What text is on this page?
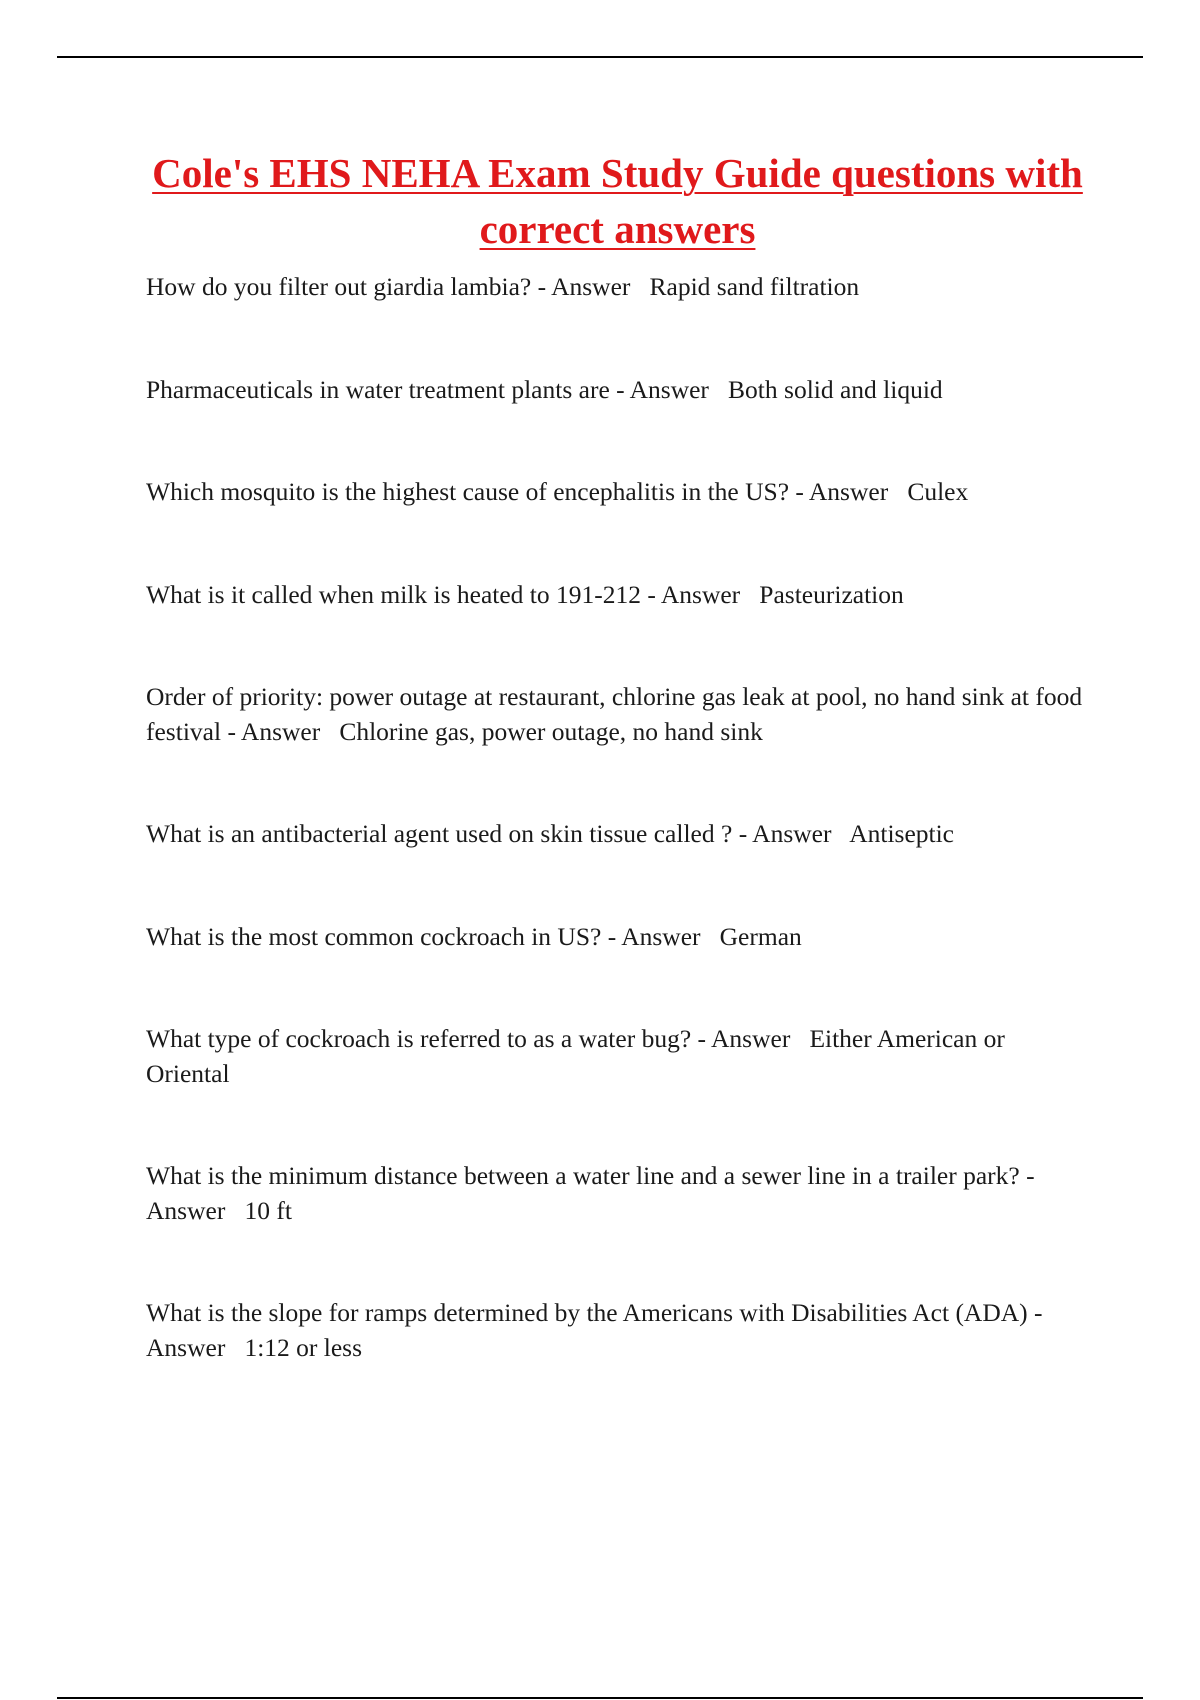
Cole's EHS NEHA Exam Study Guide questions with correct answers
How do you filter out giardia lambia? - Answer   Rapid sand filtration
Pharmaceuticals in water treatment plants are - Answer   Both solid and liquid
Which mosquito is the highest cause of encephalitis in the US? - Answer   Culex
What is it called when milk is heated to 191-212 - Answer   Pasteurization
Order of priority: power outage at restaurant, chlorine gas leak at pool, no hand sink at food festival - Answer   Chlorine gas, power outage, no hand sink
What is an antibacterial agent used on skin tissue called ? - Answer   Antiseptic
What is the most common cockroach in US? - Answer   German
What type of cockroach is referred to as a water bug? - Answer   Either American or Oriental
What is the minimum distance between a water line and a sewer line in a trailer park? - Answer   10 ft
What is the slope for ramps determined by the Americans with Disabilities Act (ADA) - Answer   1:12 or less
